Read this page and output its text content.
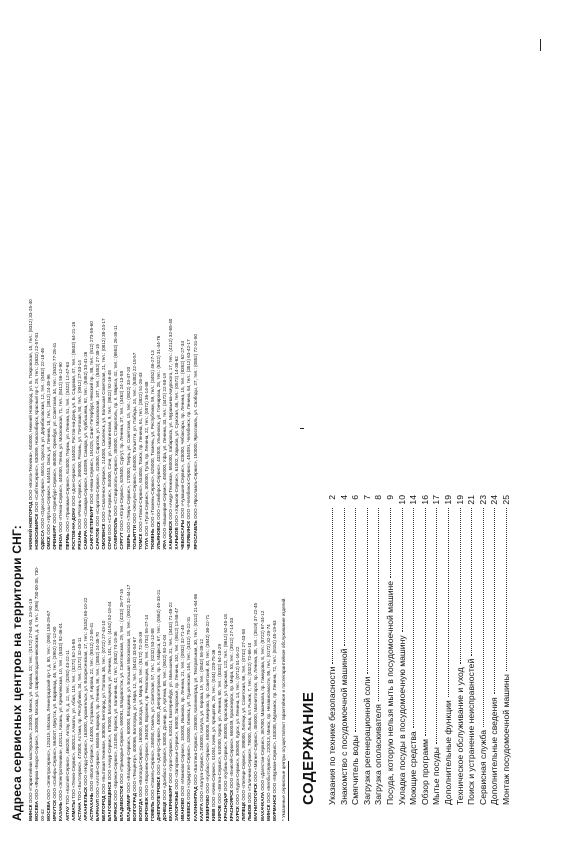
Адреса сервисных центров на территории СНГ: МИНСК ООО «Гарантийная мастерская», 220030, Минск, ул. Кирова, 23; тел.: (0172) 27-64-93, 23-92-19

МОСКВА ООО «Фирма «Бюро-Сервис», 109088, Москва, ул. Шарикоподшипниковская, д. 4, тел.: (095) 730-00-35, 730-00-42 МОСКВА ООО «Электросервис», 125315, Москва, Ленинградский пр-т, д. 80, тел.: (095) 158-29-67

ИРКУТСК ООО «Сибирь-Сервис», 664047, Иркутск, ул. Баррикад, 46, тел.: (3952) 24-12-00

КАЗАНЬ ООО «Электротехника», 420111, Казань, ул. Кремлевская, 10, тел.: (8432) 92-46-01

АКТАУ ТОО «Каспий-Сервис», 466200, Актау, мкр. 5, д. 12, тел.: (3292) 43-22-11

АЛМАТЫ ТОО «Техно-Сервис», 480012, Алматы, ул. Абая, 115, тел.: (3272) 62-15-85

АСТАНА ТОО «Бытсервис», 473000, Астана, пр. Республики, 34, тел.: (3172) 32-45-11

АРХАНГЕЛЬСК ООО «Норд-Сервис», 163000, Архангельск, ул. Воскресенская, 17, тел.: (8182) 65-10-22

АСТРАХАНЬ ООО «Волга-Сервис», 414000, Астрахань, ул. Кирова, 22, тел.: (8512) 22-55-41

БАРНАУЛ ООО «Алтай-Сервис», 656049, Барнаул, пр. Ленина, 56, тел.: (3852) 24-35-70

БЕЛГОРОД ООО «Бытовая техника», 308000, Белгород, ул. Попова, 36, тел.: (0722) 27-43-10

БЛАГОВЕЩЕНСК ООО «Амур-Сервис», 675000, Благовещенск, ул. Ленина, 101, тел.: (4162) 52-18-44

БРЯНСК ООО «Брянск-Сервис», 241050, Брянск, ул. Калинина, 42, тел.: (0832) 74-15-36

ВЛАДИВОСТОК ООО «Приморье-Сервис», 690091, Владивосток, ул. Светланская, 29, тел.: (4232) 26-77-15

ВЛАДИМИР ООО «Владимир-Сервис», 600000, Владимир, ул. Большая Московская, 18, тел.: (0922) 32-44-17

ВОЛГОГРАД ООО «Техцентр», 400066, Волгоград, ул. Мира, 12, тел.: (8442) 33-54-67

ВОЛОГДА ООО «Вологда-Сервис», 160000, Вологда, ул. Мира, 30, тел.: (8172) 72-25-39

ВОРОНЕЖ ООО «Воронеж-Сервис», 394000, Воронеж, пр. Революции, 48, тел.: (0732) 55-27-14

ГОМЕЛЬ ООО «Гомель-Сервис», 246050, Гомель, ул. Советская, 57, тел.: (0232) 53-12-88 ДНЕПРОПЕТРОВСК ООО «Днепр-Сервис», 49000, Днепропетровск, пр. К. Маркса, 67, тел.: (0562) 45-33-21

ДОНЕЦК ООО «Донбасс-Сервис», 83000, Донецк, ул. Артема, 88, тел.: (0622) 93-12-04

ЕКАТЕРИНБУРГ ООО «Урал-Сервис», 620014, Екатеринбург, ул. Малышева, 31, тел.: (3432) 71-48-22

ЗАПОРОЖЬЕ ООО «Запорожье-Сервис», 69000, Запорожье, пр. Ленина, 152, тел.: (0612) 13-58-47

ИВАНОВО ООО «Иваново-Сервис», 153000, Иваново, пр. Ленина, 21, тел.: (0932) 32-71-45

ИЖЕВСК ООО «Удмуртия-Сервис», 426000, Ижевск, ул. Пушкинская, 154, тел.: (3412) 78-22-31

КАЛИНИНГРАД ООО «Балтика-Сервис», 236000, Калининград, ул. Театральная, 30, тел.: (0112) 21-64-86

КАЛУГА ООО «Калуга-Сервис», 248000, Калуга, ул. Кирова, 19, тел.: (0842) 56-38-12

КЕМЕРОВО ООО «Кузбасс-Сервис», 650000, Кемерово, пр. Советский, 40, тел.: (3842) 36-22-71

КИЕВ ООО «Киев-Сервис», 01004, Киев, ул. Крещатик, 29, тел.: (044) 228-75-36

КИРОВ ООО «Вятка-Сервис», 610000, Киров, ул. Ленина, 80, тел.: (8332) 64-18-29

КРАСНОДАР ООО «Кубань-Сервис», 350000, Краснодар, ул. Красная, 122, тел.: (8612) 62-45-18

КРАСНОЯРСК ООО «Енисей-Сервис», 660049, Красноярск, пр. Мира, 53, тел.: (3912) 27-14-33

КУРСК ООО «Курск-Сервис», 305000, Курск, ул. Ленина, 14, тел.: (0712) 51-16-22

ЛИПЕЦК ООО «Липецк-Сервис», 398000, Липецк, ул. Советская, 66, тел.: (0742) 27-43-58

ЛЬВОВ ООО «Галичина-Сервис», 79000, Львов, пл. Рынок, 7, тел.: (0322) 72-66-10 МАГНИТОГОРСК ООО «Магнит-Сервис», 455000, Магнитогорск, пр. Ленина, 38, тел.: (3519) 37-22-45

МАХАЧКАЛА ООО «Дагестан-Сервис», 367000, Махачкала, пр. Гамидова, 8, тел.: (8722) 67-34-12

МИНСК ООО «Белбытсервис», 220013, Минск, пр. Независимости, 95, тел.: (0172) 32-28-74

МУРМАНСК ООО «Мурман-Сервис», 183038, Мурманск, пр. Ленина, 72, тел.: (8152) 45-19-63

НИЖНИЙ НОВГОРОД ООО «Волга-Техника», 603000, Нижний Новгород, ул. Б. Покровская, 15, тел.: (8312) 33-25-40

НОВОСИБИРСК ООО «Сибтехсервис», 630099, Новосибирск, Красный пр-т, 29, тел.: (3832) 22-57-81

ОДЕССА ООО «Одесса-Сервис», 65014, Одесса, ул. Дерибасовская, 12, тел.: (0482) 22-18-46

ОМСК ООО «Иртыш-Сервис», 644043, Омск, ул. Ленина, 18, тел.: (3812) 24-35-96

ОРЕНБУРГ ООО «Оренбург-Сервис», 460000, Оренбург, ул. Советская, 34, тел.: (3532) 77-28-41

ПЕНЗА ООО «Пенза-Сервис», 440000, Пенза, ул. Московская, 71, тел.: (8412) 56-12-90

ПЕРМЬ ООО «Прикамье-Сервис», 614000, Пермь, ул. Ленина, 51, тел.: (3422) 12-47-63 РОСТОВ-НА-ДОНУ ООО «Дон-Сервис», 344002, Ростов-на-Дону, ул. Б. Садовая, 47, тел.: (8632) 64-21-18

РЯЗАНЬ ООО «Рязань-Сервис», 390000, Рязань, ул. Почтовая, 50, тел.: (0912) 27-33-14

САМАРА ООО «Самара-Сервис», 443099, Самара, ул. Куйбышева, 92, тел.: (8462) 33-41-26 САНКТ-ПЕТЕРБУРГ ООО «Нева-Сервис», 191025, Санкт-Петербург, Невский пр., 88, тел.: (812) 273-55-60

САРАТОВ ООО «Саратов-Сервис», 410600, Саратов, ул. Московская, 107, тел.: (8452) 27-38-15

СМОЛЕНСК ООО «Смоленск-Сервис», 214000, Смоленск, ул. Большая Советская, 21, тел.: (0812) 38-24-17

СОЧИ ООО «Сочи-Сервис», 354000, Сочи, ул. Навагинская, 9, тел.: (8622) 92-16-48 СТАВРОПОЛЬ ООО «Ставрополь-Сервис», 355000, Ставрополь, пр. К. Маркса, 42, тел.: (8652) 26-35-11

СУРГУТ ООО «Югра-Сервис», 628400, Сургут, пр. Ленина, 37, тел.: (3462) 24-13-58

ТВЕРЬ ООО «Тверь-Сервис», 170000, Тверь, ул. Советская, 15, тел.: (0822) 33-47-20

ТОЛЬЯТТИ ООО «Жигули-Сервис», 445000, Тольятти, ул. Победы, 24, тел.: (8482) 22-18-57

ТОМСК ООО «Томск-Сервис», 634050, Томск, пр. Ленина, 61, тел.: (3822) 51-26-43

ТУЛА ООО «Тула-Сервис», 300000, Тула, пр. Ленина, 22, тел.: (0872) 36-14-88

ТЮМЕНЬ ООО «Тюмень-Сервис», 625000, Тюмень, ул. Республики, 59, тел.: (3452) 46-27-13

УЛЬЯНОВСК ООО «Симбирск-Сервис», 432000, Ульяновск, ул. Гончарова, 28, тел.: (8422) 31-44-76

УФА ООО «Башкирия-Сервис», 450000, Уфа, ул. Ленина, 33, тел.: (3472) 22-58-19 ХАБАРОВСК ООО «Амур-Техника», 680000, Хабаровск, ул. Муравьева-Амурского, 17, тел.: (4212) 32-65-40

ХАРЬКОВ ООО «Харьков-Сервис», 61002, Харьков, ул. Сумская, 46, тел.: (0572) 14-38-62

ЧЕБОКСАРЫ ООО «Чувашия-Сервис», 428000, Чебоксары, пр. Ленина, 15, тел.: (8352) 62-27-34

ЧЕЛЯБИНСК ООО «Челябинск-Сервис», 454091, Челябинск, пр. Ленина, 64, тел.: (3512) 63-42-17

ЯРОСЛАВЛЬ ООО «Ярославль-Сервис», 150000, Ярославль, ул. Свободы, 27, тел.: (0852) 72-31-50

* Указанные сервисные центры осуществляют гарантийное и послегарантийное обслуживание изделий. СОДЕРЖАНИЕ Указания по технике безопасности
2
Знакомство с посудомоечной машиной
4
Смягчитель воды
6
Загрузка регенерационной соли
7
Загрузка ополаскивателя
8
Посуда, которую нельзя мыть в посудомоечной машине
9
Укладка посуды в посудомоечную машину
10
Моющие средства
14
Обзор программ
16
Мытье посуды
17
Дополнительные функции
19
Техническое обслуживание и уход
19
Поиск и устранение неисправностей
21
Сервисная служба
23
Дополнительные сведения
24
Монтаж посудомоечной машины
25
